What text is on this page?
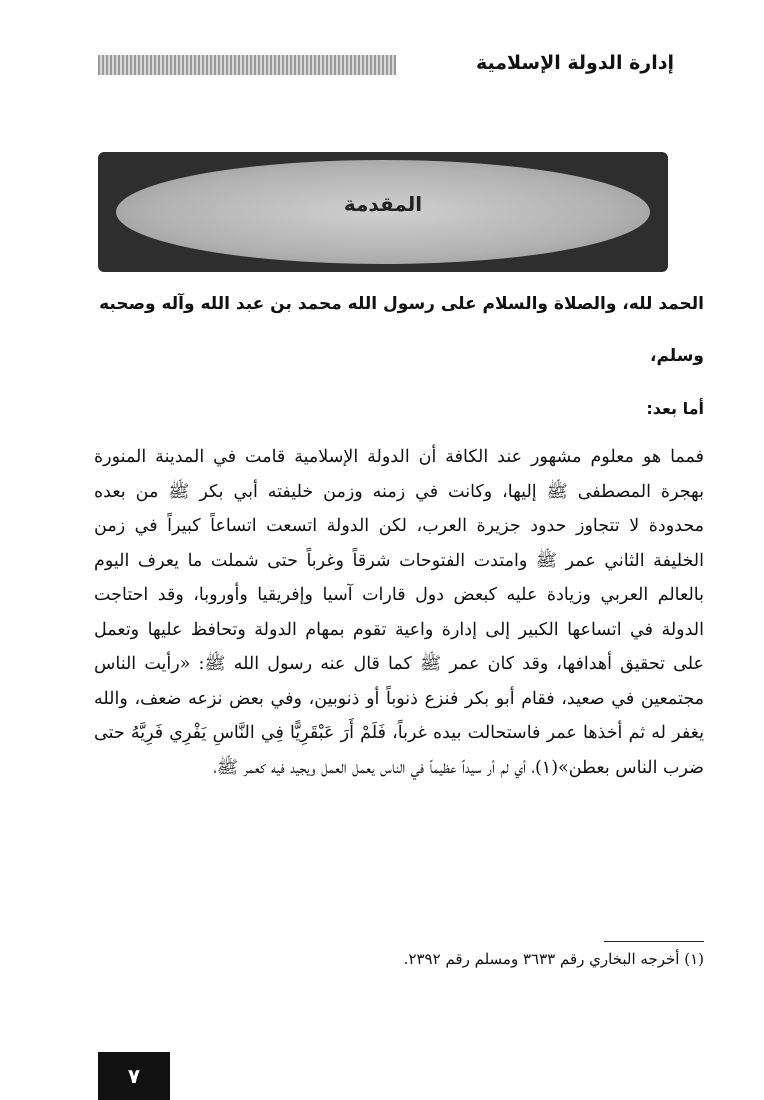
إدارة الدولة الإسلامية
المقدمة
الحمد لله، والصلاة والسلام على رسول الله محمد بن عبد الله وآله وصحبه
وسلم،
أما بعد:
فمما هو معلوم مشهور عند الكافة أن الدولة الإسلامية قامت في المدينة المنورة بهجرة المصطفى ﷺ إليها، وكانت في زمنه وزمن خليفته أبي بكر ﷺ من بعده محدودة لا تتجاوز حدود جزيرة العرب، لكن الدولة اتسعت اتساعاً كبيراً في زمن الخليفة الثاني عمر ﷺ وامتدت الفتوحات شرقاً وغرباً حتى شملت ما يعرف اليوم بالعالم العربي وزيادة عليه كبعض دول قارات آسيا وإفريقيا وأوروبا، وقد احتاجت الدولة في اتساعها الكبير إلى إدارة واعية تقوم بمهام الدولة وتحافظ عليها وتعمل على تحقيق أهدافها، وقد كان عمر ﷺ كما قال عنه رسول الله ﷺ: «رأيت الناس مجتمعين في صعيد، فقام أبو بكر فنزع ذنوباً أو ذنوبين، وفي بعض نزعه ضعف، والله يغفر له ثم أخذها عمر فاستحالت بيده غرباً، فَلَمْ أَرَ عَبْقَرِيًّا فِي النَّاسِ يَفْرِي فَرِيَّهُ حتى ضرب الناس بعطن»(١)، أي لم أر سيداً عظيماً في الناس يعمل العمل ويجيد فيه كعمر ﷺ،
(١) أخرجه البخاري رقم ٣٦٣٣ ومسلم رقم ٢٣٩٢.
٧
